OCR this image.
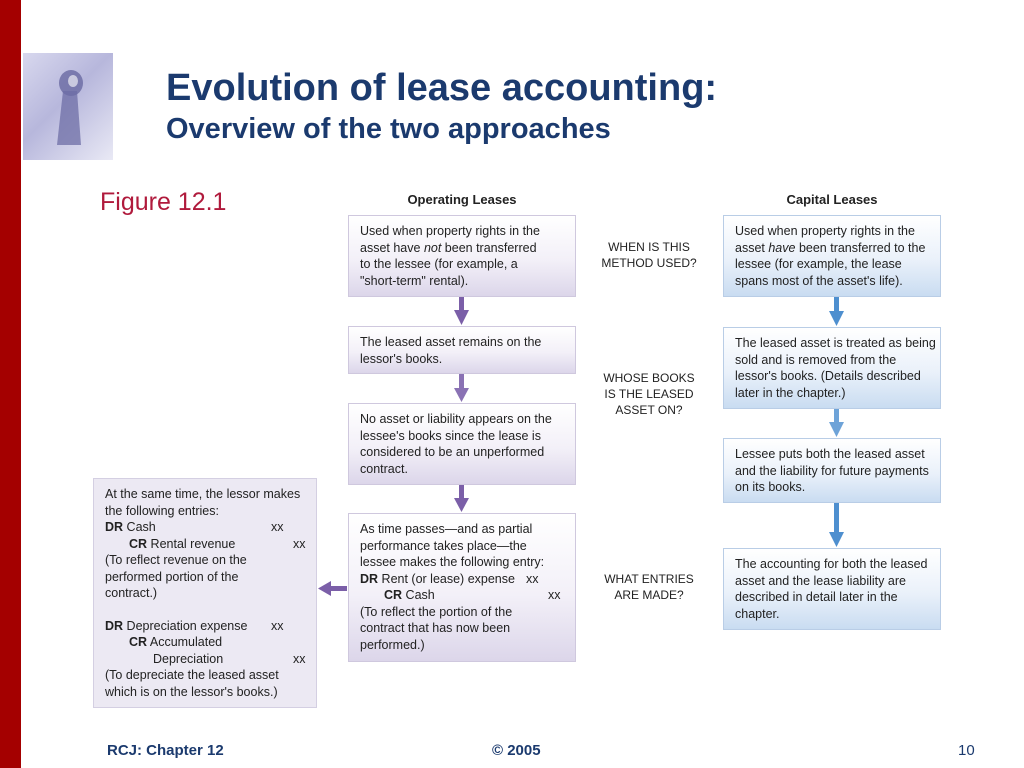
Evolution of lease accounting:
Overview of the two approaches
Figure 12.1	Operating Leases	Capital Leases
Used when property rights in the
asset have not been transferred
to the lessee (for example, a
"short-term" rental).
The leased asset remains on the
lessor's books.
No asset or liability appears on the
lessee's books since the lease is
considered to be an unperformed
contract.
As time passes—and as partial
performance takes place—the
lessee makes the following entry:
DR Rent (or lease) expense xx
CR Cash	xx
(To reflect the portion of the
contract that has now been
performed.)
At the same time, the lessor makes
the following entries:
DR Cash	xx
CR Rental revenue	xx
(To reflect revenue on the
performed portion of the
contract.)
DR Depreciation expense xx
CR Accumulated
Depreciation	xx
(To depreciate the leased asset
which is on the lessor's books.)
WHEN IS THIS
METHOD USED?
WHOSE BOOKS
IS THE LEASED
ASSET ON?
WHAT ENTRIES
ARE MADE?
Used when property rights in the
asset have been transferred to the
lessee (for example, the lease
spans most of the asset's life).
The leased asset is treated as being
sold and is removed from the
lessor's books. (Details described
later in the chapter.)
Lessee puts both the leased asset
and the liability for future payments
on its books.
The accounting for both the leased
asset and the lease liability are
described in detail later in the
chapter.
RCJ: Chapter 12	© 2005	10
